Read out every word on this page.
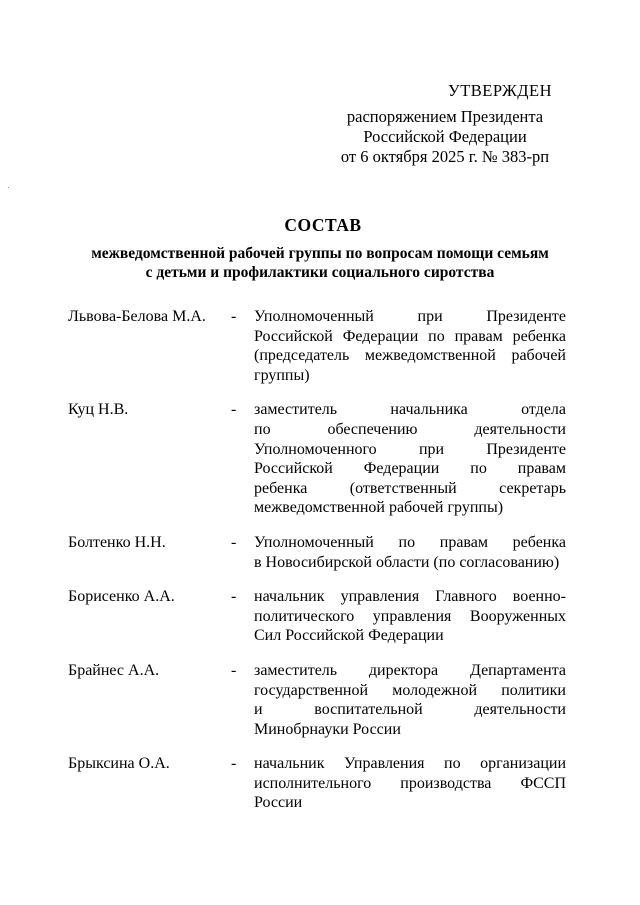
УТВЕРЖДЕН
распоряжением Президента
Российской Федерации
от 6 октября 2025 г. № 383-рп
СОСТАВ
межведомственной рабочей группы по вопросам помощи семьям
с детьми и профилактики социального сиротства
Львова-Белова М.А.	-	Уполномоченный при Президенте
Российской Федерации по правам ребенка
(председатель межведомственной рабочей
группы)
Куц Н.В.	-	заместитель начальника отдела
по обеспечению деятельности
Уполномоченного при Президенте
Российской Федерации по правам
ребенка (ответственный секретарь
межведомственной рабочей группы)
Болтенко Н.Н.	-	Уполномоченный по правам ребенка
в Новосибирской области (по согласованию)
Борисенко А.А.	-	начальник управления Главного военно-
политического управления Вооруженных
Сил Российской Федерации
Брайнес А.А.	-	заместитель директора Департамента
государственной молодежной политики
и воспитательной деятельности
Минобрнауки России
Брыксина О.А.	-	начальник Управления по организации
исполнительного производства ФССП
России
